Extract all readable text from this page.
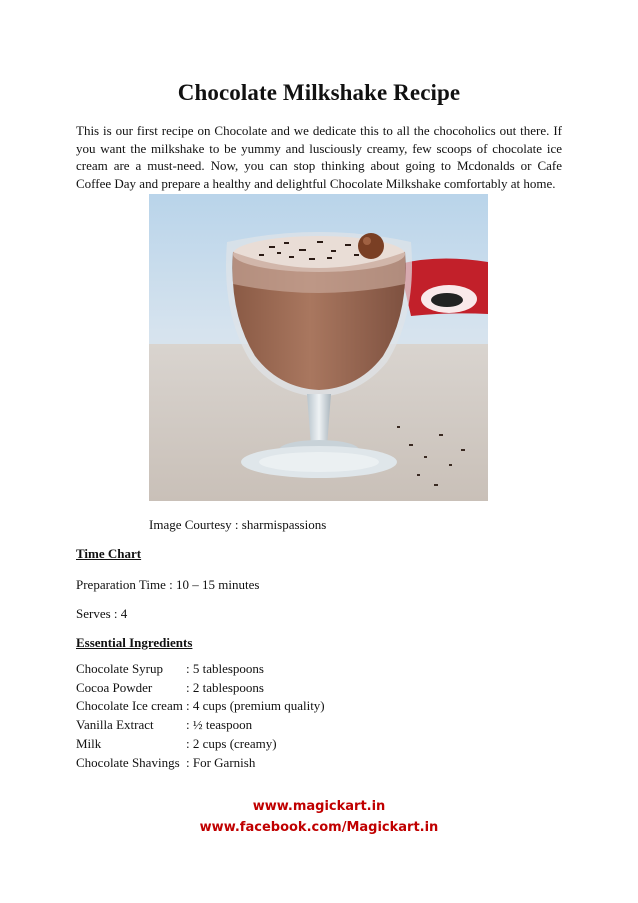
Chocolate Milkshake Recipe

This is our first recipe on Chocolate and we dedicate this to all the chocoholics out there. If you want the milkshake to be yummy and lusciously creamy, few scoops of chocolate ice cream are a must-need. Now, you can stop thinking about going to Mcdonalds or Cafe Coffee Day and prepare a healthy and delightful Chocolate Milkshake comfortably at home.

Image Courtesy : sharmispassions
Time Chart
Preparation Time : 10 – 15 minutes
Serves : 4
Essential Ingredients
Chocolate Syrup	: 5 tablespoons
Cocoa Powder	: 2 tablespoons
Chocolate Ice cream	: 4 cups (premium quality)
Vanilla Extract	: ½ teaspoon
Milk	: 2 cups (creamy)
Chocolate Shavings	: For Garnish
www.magickart.in
www.facebook.com/Magickart.in
